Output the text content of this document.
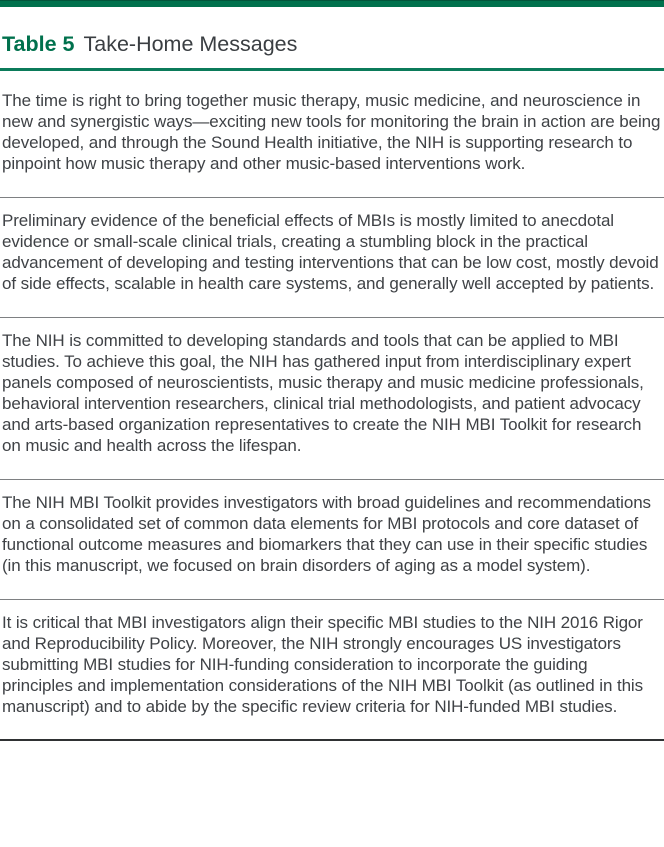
Table 5 Take-Home Messages

The time is right to bring together music therapy, music medicine, and neuroscience in new and synergistic ways—exciting new tools for monitoring the brain in action are being developed, and through the Sound Health initiative, the NIH is supporting research to pinpoint how music therapy and other music-based interventions work.

Preliminary evidence of the beneficial effects of MBIs is mostly limited to anecdotal evidence or small-scale clinical trials, creating a stumbling block in the practical advancement of developing and testing interventions that can be low cost, mostly devoid of side effects, scalable in health care systems, and generally well accepted by patients.

The NIH is committed to developing standards and tools that can be applied to MBI studies. To achieve this goal, the NIH has gathered input from interdisciplinary expert panels composed of neuroscientists, music therapy and music medicine professionals, behavioral intervention researchers, clinical trial methodologists, and patient advocacy and arts-based organization representatives to create the NIH MBI Toolkit for research on music and health across the lifespan.

The NIH MBI Toolkit provides investigators with broad guidelines and recommendations on a consolidated set of common data elements for MBI protocols and core dataset of functional outcome measures and biomarkers that they can use in their specific studies (in this manuscript, we focused on brain disorders of aging as a model system).

It is critical that MBI investigators align their specific MBI studies to the NIH 2016 Rigor and Reproducibility Policy. Moreover, the NIH strongly encourages US investigators submitting MBI studies for NIH-funding consideration to incorporate the guiding principles and implementation considerations of the NIH MBI Toolkit (as outlined in this manuscript) and to abide by the specific review criteria for NIH-funded MBI studies.
